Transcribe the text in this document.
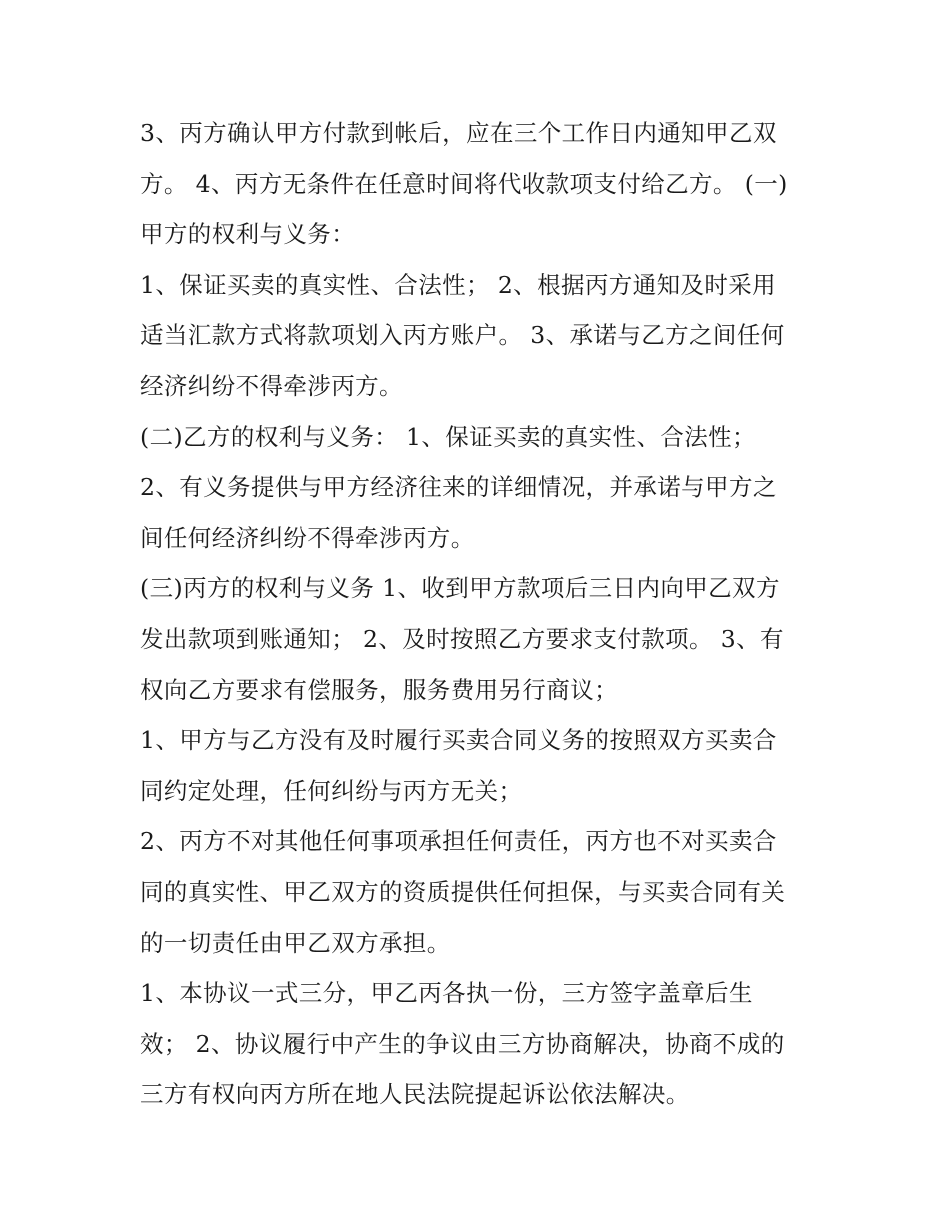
3、丙方确认甲方付款到帐后，应在三个工作日内通知甲乙双
方。 4、丙方无条件在任意时间将代收款项支付给乙方。 (一)
甲方的权利与义务：
1、保证买卖的真实性、合法性； 2、根据丙方通知及时采用
适当汇款方式将款项划入丙方账户。 3、承诺与乙方之间任何
经济纠纷不得牵涉丙方。
(二)乙方的权利与义务： 1、保证买卖的真实性、合法性；
2、有义务提供与甲方经济往来的详细情况，并承诺与甲方之
间任何经济纠纷不得牵涉丙方。
(三)丙方的权利与义务 1、收到甲方款项后三日内向甲乙双方
发出款项到账通知； 2、及时按照乙方要求支付款项。 3、有
权向乙方要求有偿服务，服务费用另行商议；
1、甲方与乙方没有及时履行买卖合同义务的按照双方买卖合
同约定处理，任何纠纷与丙方无关；
2、丙方不对其他任何事项承担任何责任，丙方也不对买卖合
同的真实性、甲乙双方的资质提供任何担保，与买卖合同有关
的一切责任由甲乙双方承担。
1、本协议一式三分，甲乙丙各执一份，三方签字盖章后生
效； 2、协议履行中产生的争议由三方协商解决，协商不成的
三方有权向丙方所在地人民法院提起诉讼依法解决。
